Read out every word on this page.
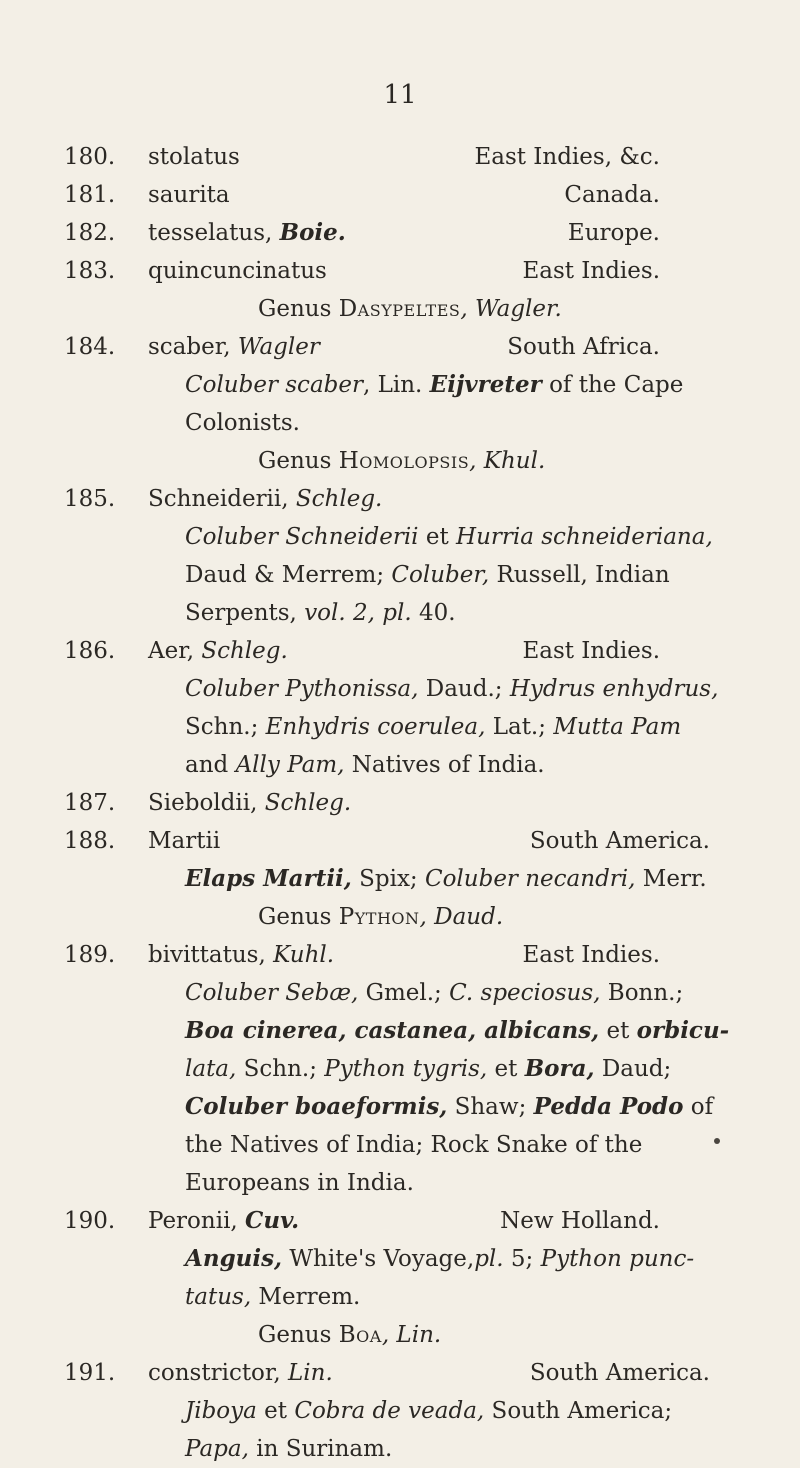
11
180. stolatus	East Indies, &c.
181. saurita	Canada.
182. tesselatus, Boie.	Europe.
183. quincuncinatus	East Indies.
Genus Dasypeltes, Wagler.
184. scaber, Wagler	South Africa.
Coluber scaber, Lin. Eijvreter of the Cape
Colonists.
Genus Homolopsis, Khul.
185. Schneiderii, Schleg.
Coluber Schneiderii et Hurria schneideriana,
Daud & Merrem; Coluber, Russell, Indian
Serpents, vol. 2, pl. 40.
186. Aer, Schleg.	East Indies.
Coluber Pythonissa, Daud.; Hydrus enhydrus,
Schn.; Enhydris coerulea, Lat.; Mutta Pam
and Ally Pam, Natives of India.
187. Sieboldii, Schleg.
188. Martii	South America.
Elaps Martii, Spix; Coluber necandri, Merr.
Genus Python, Daud.
189. bivittatus, Kuhl.	East Indies.
Coluber Sebæ, Gmel.; C. speciosus, Bonn.;
Boa cinerea, castanea, albicans, et orbicu-
lata, Schn.; Python tygris, et Bora, Daud;
Coluber boaeformis, Shaw; Pedda Podo of
the Natives of India; Rock Snake of the
Europeans in India.
190. Peronii, Cuv.	New Holland.
Anguis, White's Voyage,pl. 5; Python punc-
tatus, Merrem.
Genus Boa, Lin.
191. constrictor, Lin.	South America.
Jiboya et Cobra de veada, South America;
Papa, in Surinam.
